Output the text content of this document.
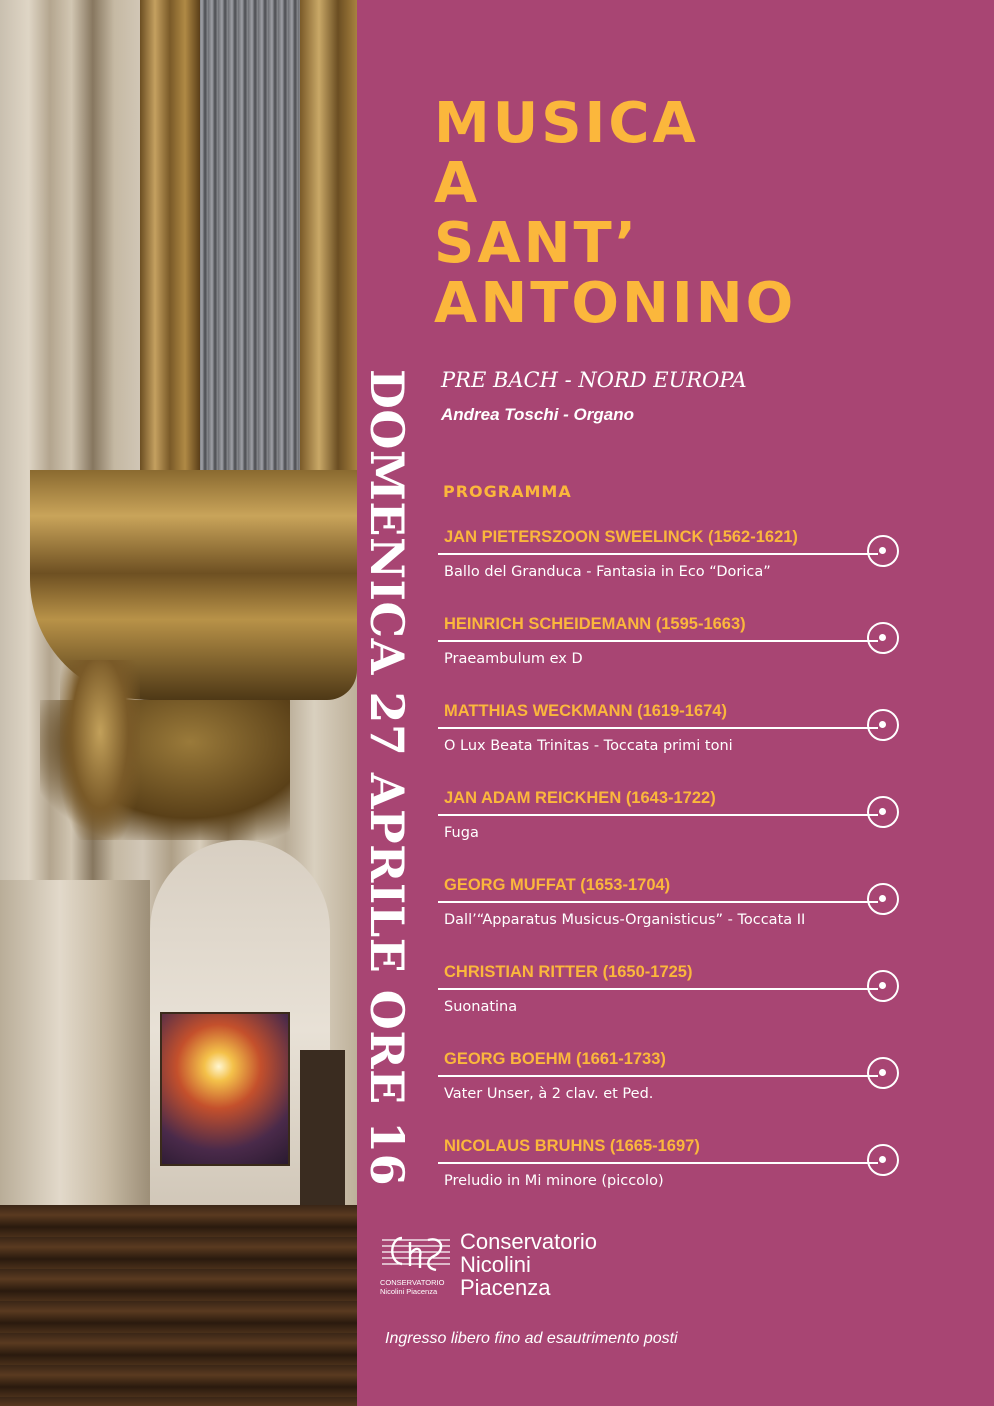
DOMENICA 27 APRILE ORE 16
MUSICA
A
SANT’
ANTONINO
PRE BACH - NORD EUROPA
Andrea Toschi - Organo
PROGRAMMA
JAN PIETERSZOON SWEELINCK (1562-1621)
Ballo del Granduca - Fantasia in Eco “Dorica”
HEINRICH SCHEIDEMANN (1595-1663)
Praeambulum ex D
MATTHIAS WECKMANN (1619-1674)
O Lux Beata Trinitas - Toccata primi toni
JAN ADAM REICKHEN (1643-1722)
Fuga
GEORG MUFFAT (1653-1704)
Dall’“Apparatus Musicus-Organisticus” - Toccata II
CHRISTIAN RITTER (1650-1725)
Suonatina
GEORG BOEHM (1661-1733)
Vater Unser, à 2 clav. et Ped.
NICOLAUS BRUHNS (1665-1697)
Preludio in Mi minore (piccolo)
CONSERVATORIO
Nicolini Piacenza
Conservatorio
Nicolini
Piacenza
Ingresso libero fino ad esautrimento posti
